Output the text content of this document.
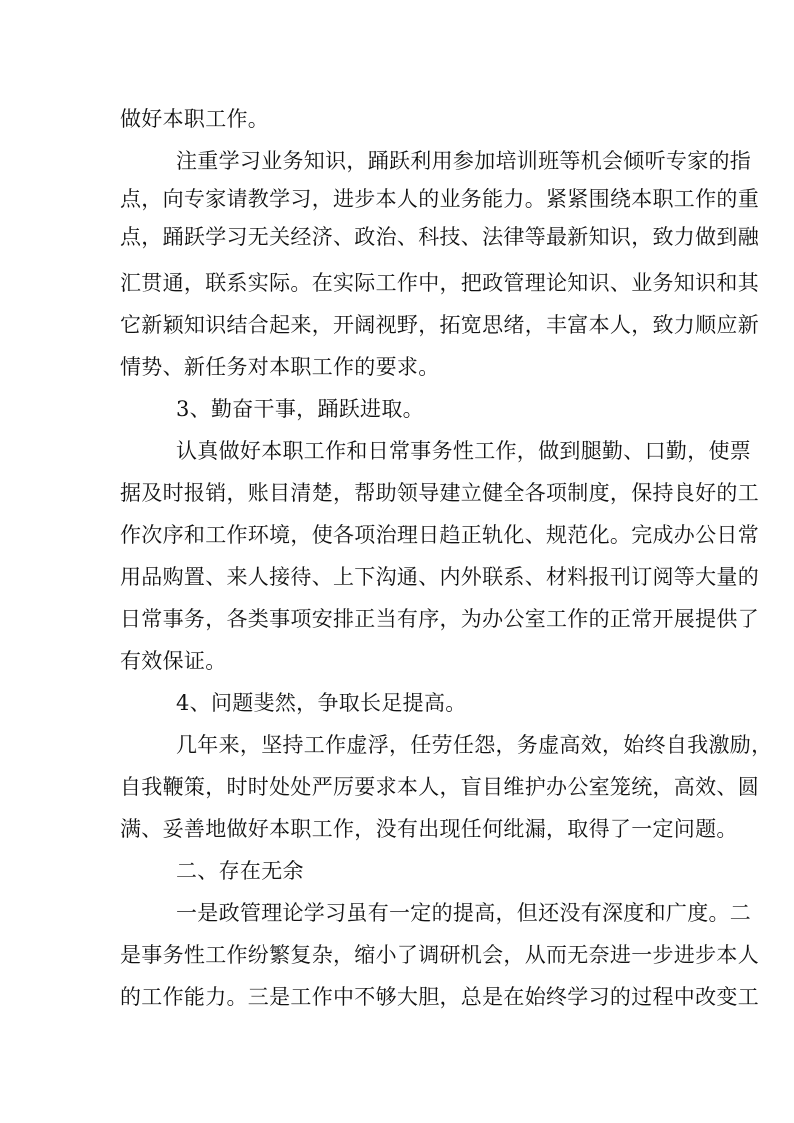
做好本职工作。
注重学习业务知识，踊跃利用参加培训班等机会倾听专家的指
点，向专家请教学习，进步本人的业务能力。紧紧围绕本职工作的重
点，踊跃学习无关经济、政治、科技、法律等最新知识，致力做到融
汇贯通，联系实际。在实际工作中，把政管理论知识、业务知识和其
它新颖知识结合起来，开阔视野，拓宽思绪，丰富本人，致力顺应新
情势、新任务对本职工作的要求。
3、勤奋干事，踊跃进取。
认真做好本职工作和日常事务性工作，做到腿勤、口勤，使票
据及时报销，账目清楚，帮助领导建立健全各项制度，保持良好的工
作次序和工作环境，使各项治理日趋正轨化、规范化。完成办公日常
用品购置、来人接待、上下沟通、内外联系、材料报刊订阅等大量的
日常事务，各类事项安排正当有序，为办公室工作的正常开展提供了
有效保证。
4、问题斐然，争取长足提高。
几年来，坚持工作虚浮，任劳任怨，务虚高效，始终自我激励，
自我鞭策，时时处处严厉要求本人，盲目维护办公室笼统，高效、圆
满、妥善地做好本职工作，没有出现任何纰漏，取得了一定问题。
二、存在无余
一是政管理论学习虽有一定的提高，但还没有深度和广度。二
是事务性工作纷繁复杂，缩小了调研机会，从而无奈进一步进步本人
的工作能力。三是工作中不够大胆，总是在始终学习的过程中改变工
